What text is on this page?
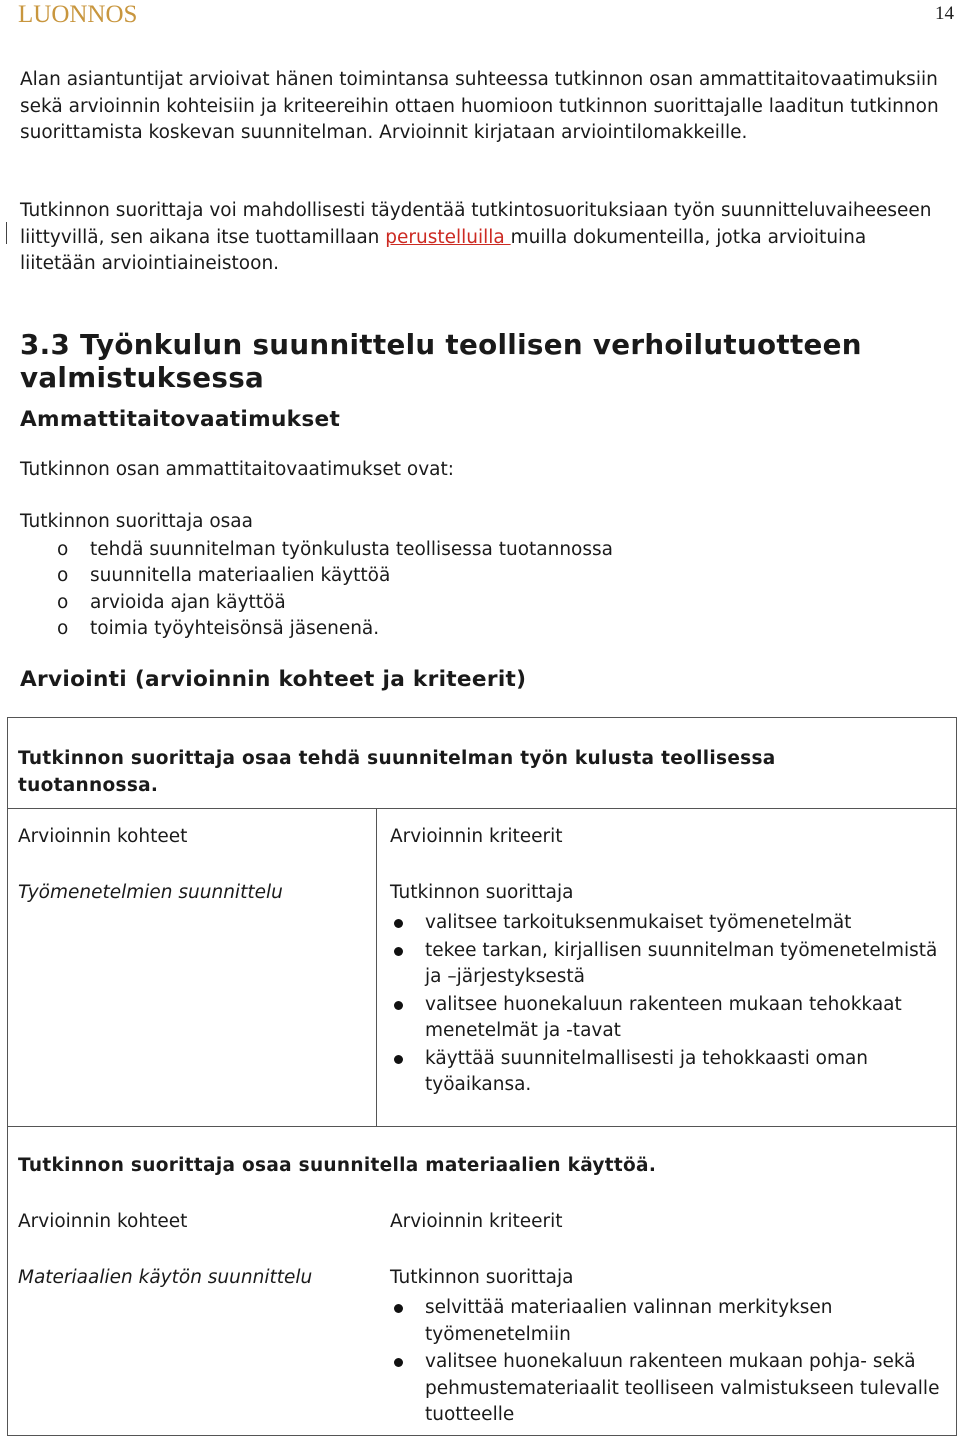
LUONNOS	14

Alan asiantuntijat arvioivat hänen toimintansa suhteessa tutkinnon osan ammattitaitovaatimuksiin sekä arvioinnin kohteisiin ja kriteereihin ottaen huomioon tutkinnon suorittajalle laaditun tutkinnon suorittamista koskevan suunnitelman. Arvioinnit kirjataan arviointilomakkeille.

Tutkinnon suorittaja voi mahdollisesti täydentää tutkintosuorituksiaan työn suunnitteluvaiheeseen liittyvillä, sen aikana itse tuottamillaan perustelluilla muilla dokumenteilla, jotka arvioituina liitetään arviointiaineistoon.

3.3 Työnkulun suunnittelu teollisen verhoilutuotteen valmistuksessa
Ammattitaitovaatimukset

Tutkinnon osan ammattitaitovaatimukset ovat:

Tutkinnon suorittaja osaa

o tehdä suunnitelman työnkulusta teollisessa tuotannossa
o suunnitella materiaalien käyttöä
o arvioida ajan käyttöä
o toimia työyhteisönsä jäsenenä.
Arviointi (arvioinnin kohteet ja kriteerit)

Tutkinnon suorittaja osaa tehdä suunnitelman työn kulusta teollisessa tuotannossa.

Arvioinnin kohteet	Arvioinnin kriteerit

Työmenetelmien suunnittelu	Tutkinnon suorittaja

valitsee tarkoituksenmukaiset työmenetelmät
tekee tarkan, kirjallisen suunnitelman työmenetelmistä ja –järjestyksestä
valitsee huonekaluun rakenteen mukaan tehokkaat menetelmät ja -tavat
käyttää suunnitelmallisesti ja tehokkaasti oman työaikansa.

Tutkinnon suorittaja osaa suunnitella materiaalien käyttöä.

Arvioinnin kohteet	Arvioinnin kriteerit

Materiaalien käytön suunnittelu	Tutkinnon suorittaja

selvittää materiaalien valinnan merkityksen työmenetelmiin
valitsee huonekaluun rakenteen mukaan pohja- sekä pehmustemateriaalit teolliseen valmistukseen tulevalle tuotteelle
